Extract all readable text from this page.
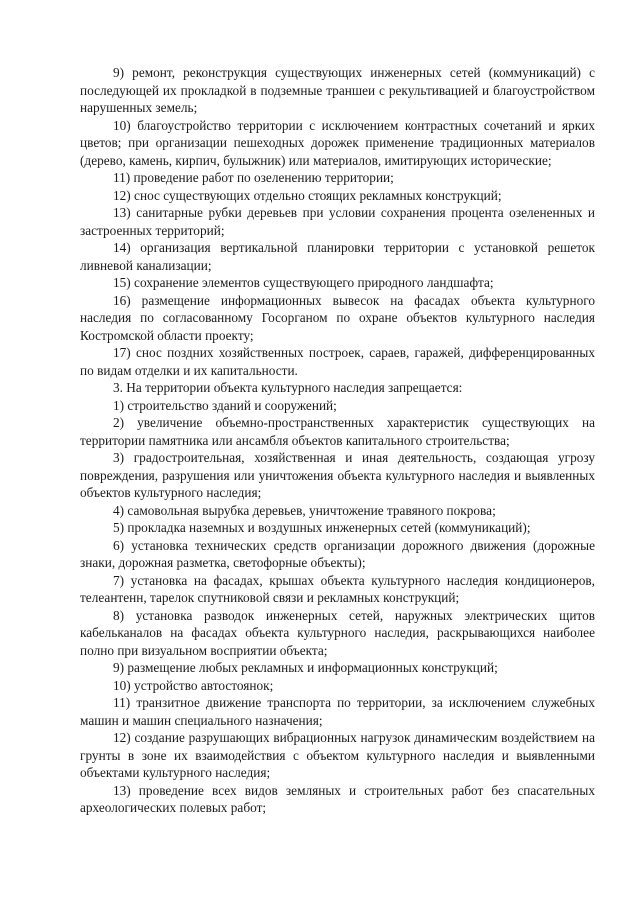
9) ремонт, реконструкция существующих инженерных сетей (коммуникаций) с последующей их прокладкой в подземные траншеи с рекультивацией и благоустройством нарушенных земель;

10) благоустройство территории с исключением контрастных сочетаний и ярких цветов; при организации пешеходных дорожек применение традиционных материалов (дерево, камень, кирпич, булыжник) или материалов, имитирующих исторические;

11) проведение работ по озеленению территории;

12) снос существующих отдельно стоящих рекламных конструкций;

13) санитарные рубки деревьев при условии сохранения процента озелененных и застроенных территорий;

14) организация вертикальной планировки территории с установкой решеток ливневой канализации;

15) сохранение элементов существующего природного ландшафта;

16) размещение информационных вывесок на фасадах объекта культурного наследия по согласованному Госорганом по охране объектов культурного наследия Костромской области проекту;

17) снос поздних хозяйственных построек, сараев, гаражей, дифференцированных по видам отделки и их капитальности.

3. На территории объекта культурного наследия запрещается:

1) строительство зданий и сооружений;

2) увеличение объемно-пространственных характеристик существующих на территории памятника или ансамбля объектов капитального строительства;

3) градостроительная, хозяйственная и иная деятельность, создающая угрозу повреждения, разрушения или уничтожения объекта культурного наследия и выявленных объектов культурного наследия;

4) самовольная вырубка деревьев, уничтожение травяного покрова;

5) прокладка наземных и воздушных инженерных сетей (коммуникаций);

6) установка технических средств организации дорожного движения (дорожные знаки, дорожная разметка, светофорные объекты);

7) установка на фасадах, крышах объекта культурного наследия кондиционеров, телеантенн, тарелок спутниковой связи и рекламных конструкций;

8) установка разводок инженерных сетей, наружных электрических щитов кабельканалов на фасадах объекта культурного наследия, раскрывающихся наиболее полно при визуальном восприятии объекта;

9) размещение любых рекламных и информационных конструкций;

10) устройство автостоянок;

11) транзитное движение транспорта по территории, за исключением служебных машин и машин специального назначения;

12) создание разрушающих вибрационных нагрузок динамическим воздействием на грунты в зоне их взаимодействия с объектом культурного наследия и выявленными объектами культурного наследия;

13) проведение всех видов земляных и строительных работ без спасательных археологических полевых работ;
